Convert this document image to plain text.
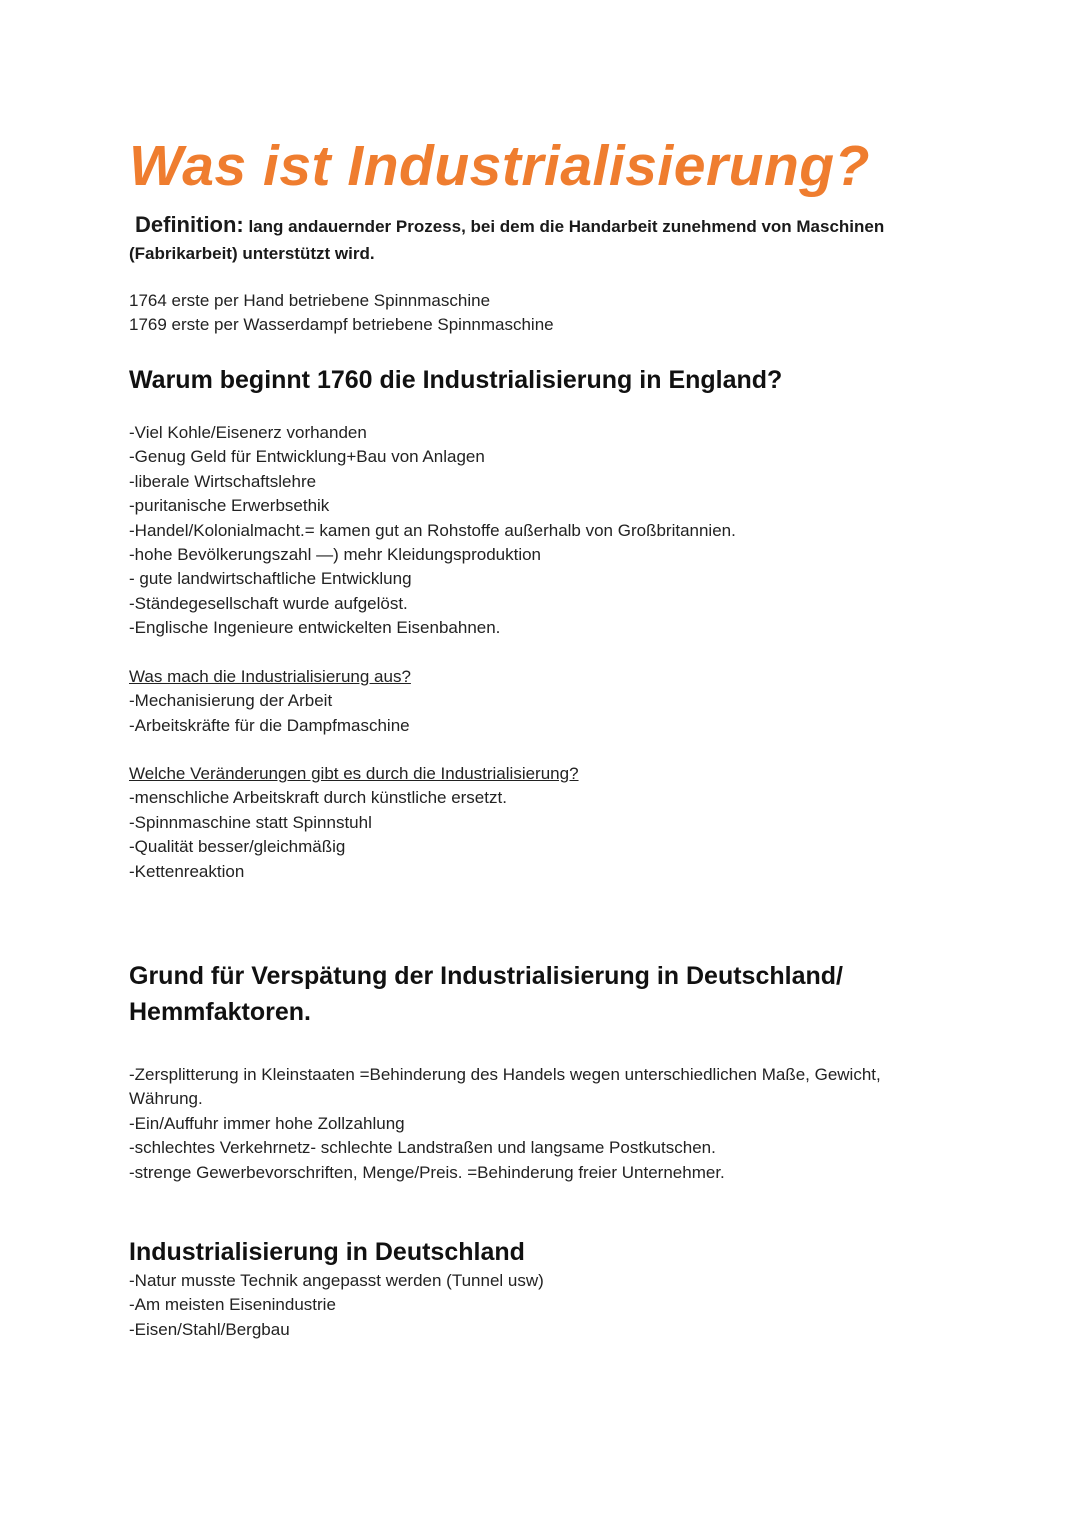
Was ist Industrialisierung?
Definition: lang andauernder Prozess, bei dem die Handarbeit zunehmend von Maschinen (Fabrikarbeit) unterstützt wird.
1764 erste per Hand betriebene Spinnmaschine
1769 erste per Wasserdampf betriebene Spinnmaschine
Warum beginnt 1760 die Industrialisierung in England?
-Viel Kohle/Eisenerz vorhanden
-Genug Geld für Entwicklung+Bau von Anlagen
-liberale Wirtschaftslehre
-puritanische Erwerbsethik
-Handel/Kolonialmacht.= kamen gut an Rohstoffe außerhalb von Großbritannien.
-hohe Bevölkerungszahl —) mehr Kleidungsproduktion
- gute landwirtschaftliche Entwicklung
-Ständegesellschaft wurde aufgelöst.
-Englische Ingenieure entwickelten Eisenbahnen.
Was mach die Industrialisierung aus?
-Mechanisierung der Arbeit
-Arbeitskräfte für die Dampfmaschine
Welche Veränderungen gibt es durch die Industrialisierung?
-menschliche Arbeitskraft durch künstliche ersetzt.
-Spinnmaschine statt Spinnstuhl
-Qualität besser/gleichmäßig
-Kettenreaktion
Grund für Verspätung der Industrialisierung in Deutschland/
Hemmfaktoren.
-Zersplitterung in Kleinstaaten =Behinderung des Handels wegen unterschiedlichen Maße, Gewicht, Währung.
-Ein/Auffuhr immer hohe Zollzahlung
-schlechtes Verkehrnetz- schlechte Landstraßen und langsame Postkutschen.
-strenge Gewerbevorschriften, Menge/Preis. =Behinderung freier Unternehmer.
Industrialisierung in Deutschland
-Natur musste Technik angepasst werden (Tunnel usw)
-Am meisten Eisenindustrie
-Eisen/Stahl/Bergbau
